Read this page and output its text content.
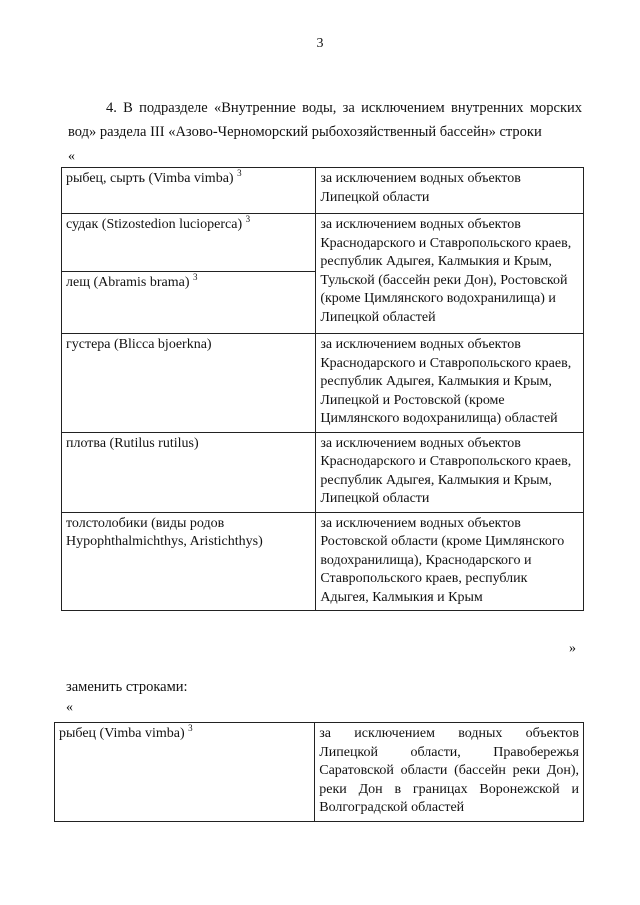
3
4. В подразделе «Внутренние воды, за исключением внутренних морских вод» раздела III «Азово-Черноморский рыбохозяйственный бассейн» строки
«
рыбец, сырть (Vimba vimba) $^3$	за исключением водных объектов Липецкой области
судак (Stizostedion lucioperca) $^3$	за исключением водных объектов Краснодарского и Ставропольского краев, республик Адыгея, Калмыкия и Крым, Тульской (бассейн реки Дон), Ростовской (кроме Цимлянского водохранилища) и Липецкой областей
лещ (Abramis brama) $^3$
густера (Blicca bjoerkna)	за исключением водных объектов Краснодарского и Ставропольского краев, республик Адыгея, Калмыкия и Крым, Липецкой и Ростовской (кроме Цимлянского водохранилища) областей
плотва (Rutilus rutilus)	за исключением водных объектов Краснодарского и Ставропольского краев, республик Адыгея, Калмыкия и Крым, Липецкой области
толстолобики (виды родов Hypophthalmichthys, Aristichthys)	за исключением водных объектов Ростовской области (кроме Цимлянского водохранилища), Краснодарского и Ставропольского краев, республик Адыгея, Калмыкия и Крым
»
заменить строками:
«
рыбец (Vimba vimba) $^3$	за исключением водных объектов Липецкой области, Правобережья Саратовской области (бассейн реки Дон), реки Дон в границах Воронежской и Волгоградской областей
